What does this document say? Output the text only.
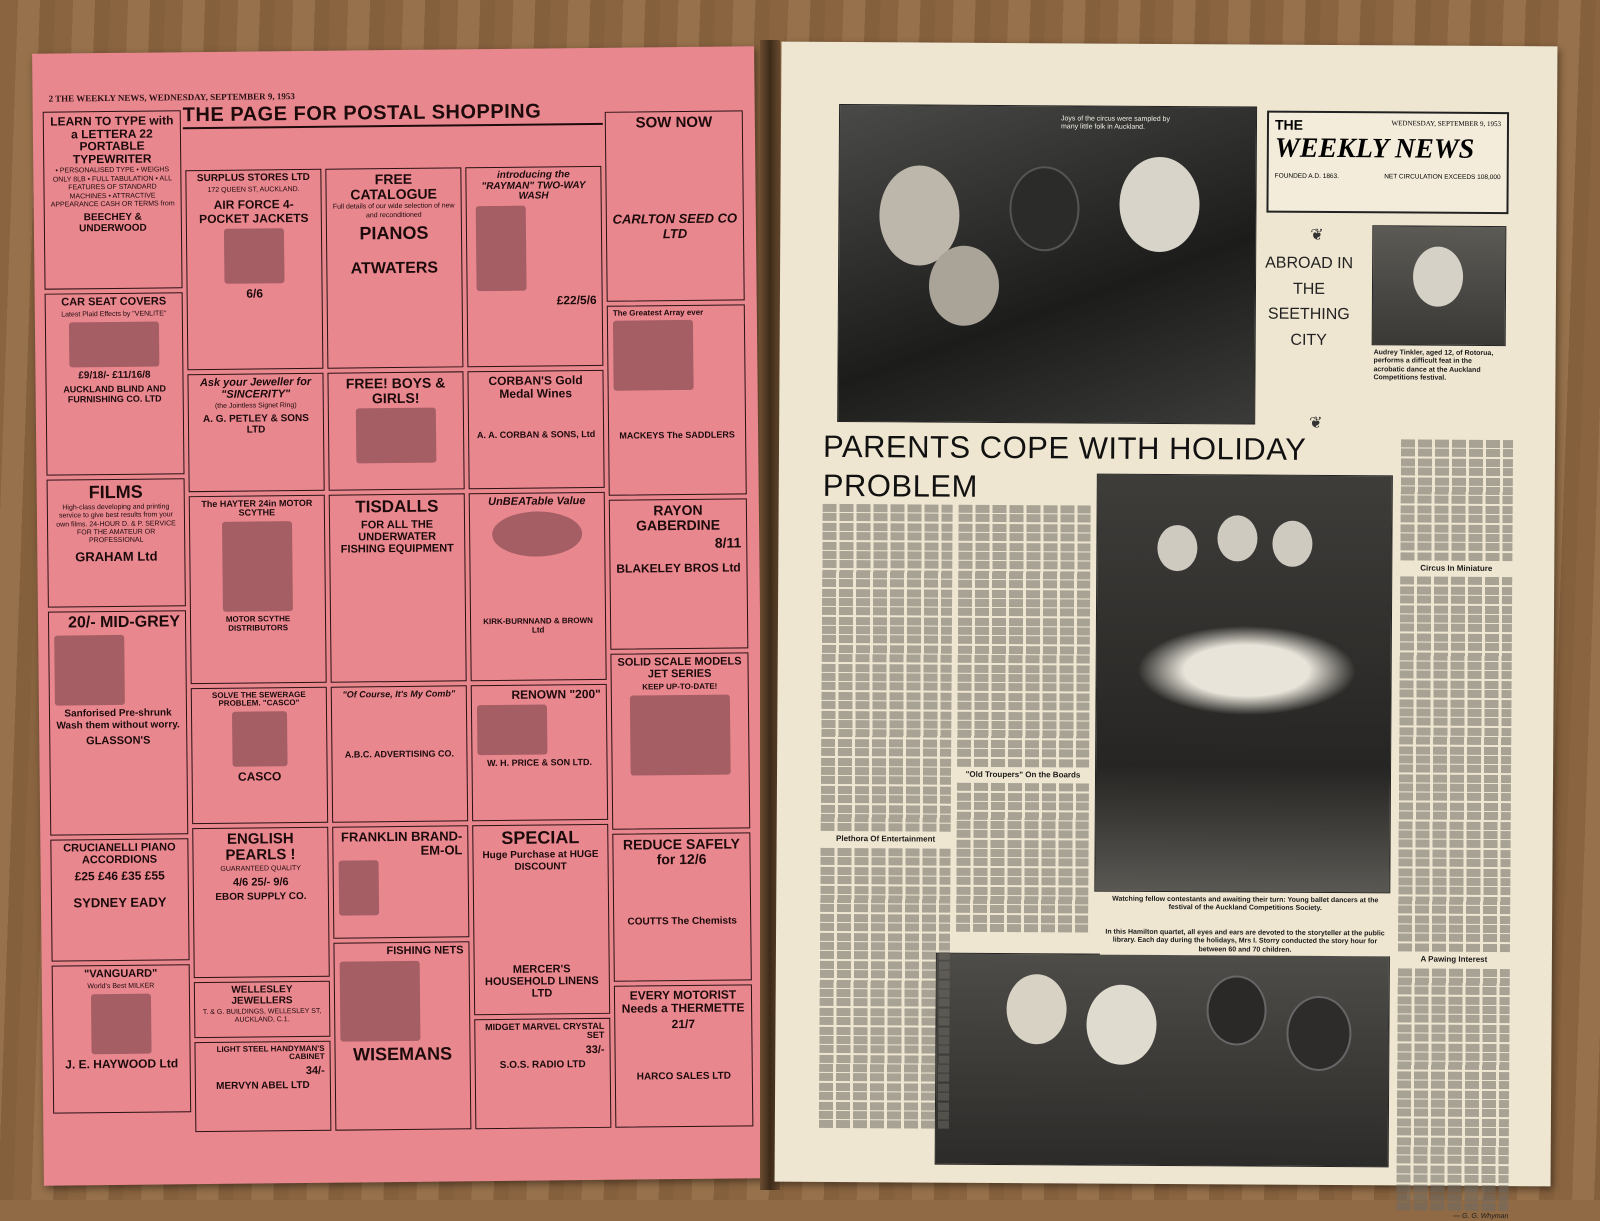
2 THE WEEKLY NEWS, WEDNESDAY, SEPTEMBER 9, 1953
THE PAGE FOR POSTAL SHOPPING
LEARN TO TYPE with a LETTERA 22 PORTABLE TYPEWRITER
• PERSONALISED TYPE • WEIGHS ONLY 8LB • FULL TABULATION • ALL FEATURES OF STANDARD MACHINES • ATTRACTIVE APPEARANCE CASH OR TERMS from
BEECHEY & UNDERWOOD
CAR SEAT COVERS
Latest Plaid Effects by "VENLITE"
£9/18/- £11/16/8
AUCKLAND BLIND AND FURNISHING CO. LTD
FILMS
High-class developing and printing service to give best results from your own films. 24-HOUR D. & P. SERVICE FOR THE AMATEUR OR PROFESSIONAL
GRAHAM Ltd
20/- MID-GREY
Sanforised Pre-shrunk Wash them without worry.
GLASSON'S
CRUCIANELLI PIANO ACCORDIONS
£25 £46 £35 £55
SYDNEY EADY
"VANGUARD"
World's Best MILKER
J. E. HAYWOOD Ltd
SURPLUS STORES LTD
172 QUEEN ST, AUCKLAND.
AIR FORCE 4-POCKET JACKETS
6/6
Ask your Jeweller for "SINCERITY"
(the Jointless Signet Ring)
A. G. PETLEY & SONS LTD
The HAYTER 24in MOTOR SCYTHE
MOTOR SCYTHE DISTRIBUTORS
SOLVE THE SEWERAGE PROBLEM. "CASCO"
CASCO
ENGLISH PEARLS !
GUARANTEED QUALITY
4/6 25/- 9/6
EBOR SUPPLY CO.
WELLESLEY JEWELLERS
T. & G. BUILDINGS, WELLESLEY ST, AUCKLAND, C.1.
LIGHT STEEL HANDYMAN'S CABINET
34/-
MERVYN ABEL LTD
FREE CATALOGUE
Full details of our wide selection of new and reconditioned
PIANOS
ATWATERS
FREE! BOYS & GIRLS!
TISDALLS
FOR ALL THE UNDERWATER FISHING EQUIPMENT
"Of Course, It's My Comb"
A.B.C. ADVERTISING CO.
FRANKLIN BRAND-EM-OL
FISHING NETS
WISEMANS
introducing the "RAYMAN" TWO-WAY WASH
£22/5/6
CORBAN'S Gold Medal Wines
A. A. CORBAN & SONS, Ltd
UnBEATable Value
KIRK-BURNNAND & BROWN Ltd
RENOWN "200"
W. H. PRICE & SON LTD.
SPECIAL
Huge Purchase at HUGE DISCOUNT
MERCER'S HOUSEHOLD LINENS LTD
MIDGET MARVEL CRYSTAL SET
33/-
S.O.S. RADIO LTD
SOW NOW
CARLTON SEED CO LTD
The Greatest Array ever
MACKEYS The SADDLERS
RAYON GABERDINE
8/11
BLAKELEY BROS Ltd
SOLID SCALE MODELS JET SERIES
KEEP UP-TO-DATE!
REDUCE SAFELY for 12/6
COUTTS The Chemists
EVERY MOTORIST Needs a THERMETTE
21/7
HARCO SALES LTD
Joys of the circus were sampled by many little folk in Auckland.	THE	WEDNESDAY, SEPTEMBER 9, 1953
WEEKLY NEWS
FOUNDED A.D. 1863.	NET CIRCULATION EXCEEDS 108,000
❦
ABROAD IN THE SEETHING CITY
❦
Audrey Tinkler, aged 12, of Rotorua, performs a difficult feat in the acrobatic dance at the Auckland Competitions festival.
PARENTS COPE WITH HOLIDAY PROBLEM
Watching fellow contestants and awaiting their turn: Young ballet dancers at the festival of the Auckland Competitions Society.
Plethora Of Entertainment
"Old Troupers" On the Boards
Circus In Miniature
A Pawing Interest
— G. G. Whyman
In this Hamilton quartet, all eyes and ears are devoted to the storyteller at the public library. Each day during the holidays, Mrs I. Storry conducted the story hour for between 60 and 70 children.
